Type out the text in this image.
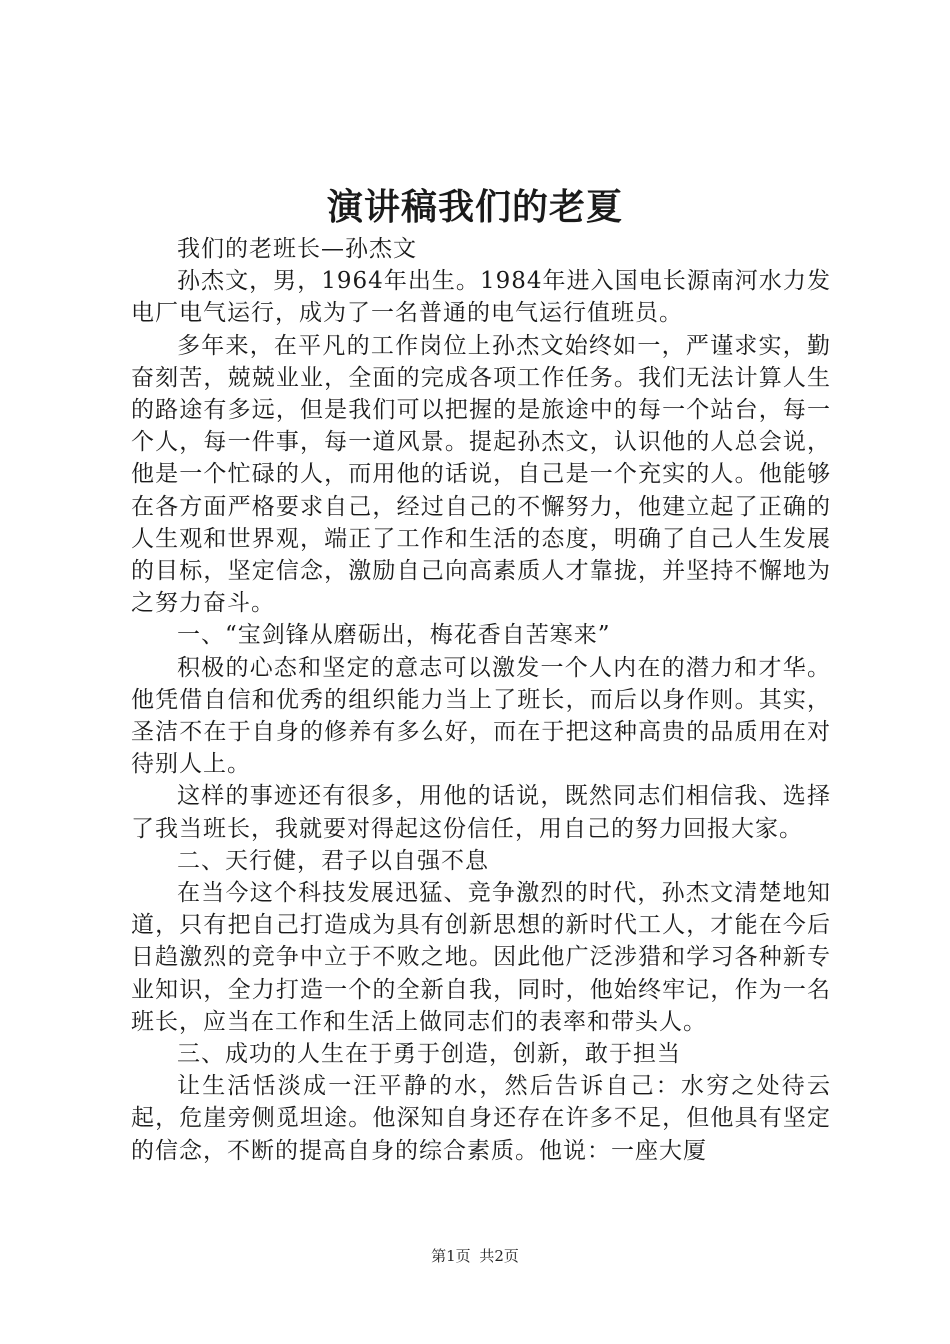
演讲稿我们的老夏

我们的老班长—孙杰文

孙杰文，男，1964年出生。1984年进入国电长源南河水力发电厂电气运行，成为了一名普通的电气运行值班员。

多年来，在平凡的工作岗位上孙杰文始终如一，严谨求实，勤奋刻苦，兢兢业业，全面的完成各项工作任务。我们无法计算人生的路途有多远，但是我们可以把握的是旅途中的每一个站台，每一个人，每一件事，每一道风景。提起孙杰文，认识他的人总会说，他是一个忙碌的人，而用他的话说，自己是一个充实的人。他能够在各方面严格要求自己，经过自己的不懈努力，他建立起了正确的人生观和世界观，端正了工作和生活的态度，明确了自己人生发展的目标，坚定信念，激励自己向高素质人才靠拢，并坚持不懈地为之努力奋斗。

一、“宝剑锋从磨砺出，梅花香自苦寒来”

积极的心态和坚定的意志可以激发一个人内在的潜力和才华。他凭借自信和优秀的组织能力当上了班长，而后以身作则。其实，圣洁不在于自身的修养有多么好，而在于把这种高贵的品质用在对待别人上。

这样的事迹还有很多，用他的话说，既然同志们相信我、选择了我当班长，我就要对得起这份信任，用自己的努力回报大家。

二、天行健，君子以自强不息

在当今这个科技发展迅猛、竞争激烈的时代，孙杰文清楚地知道，只有把自己打造成为具有创新思想的新时代工人，才能在今后日趋激烈的竞争中立于不败之地。因此他广泛涉猎和学习各种新专业知识，全力打造一个的全新自我，同时，他始终牢记，作为一名班长，应当在工作和生活上做同志们的表率和带头人。

三、成功的人生在于勇于创造，创新，敢于担当

让生活恬淡成一汪平静的水，然后告诉自己：水穷之处待云起，危崖旁侧觅坦途。他深知自身还存在许多不足，但他具有坚定的信念，不断的提高自身的综合素质。他说：一座大厦

第1页 共2页
